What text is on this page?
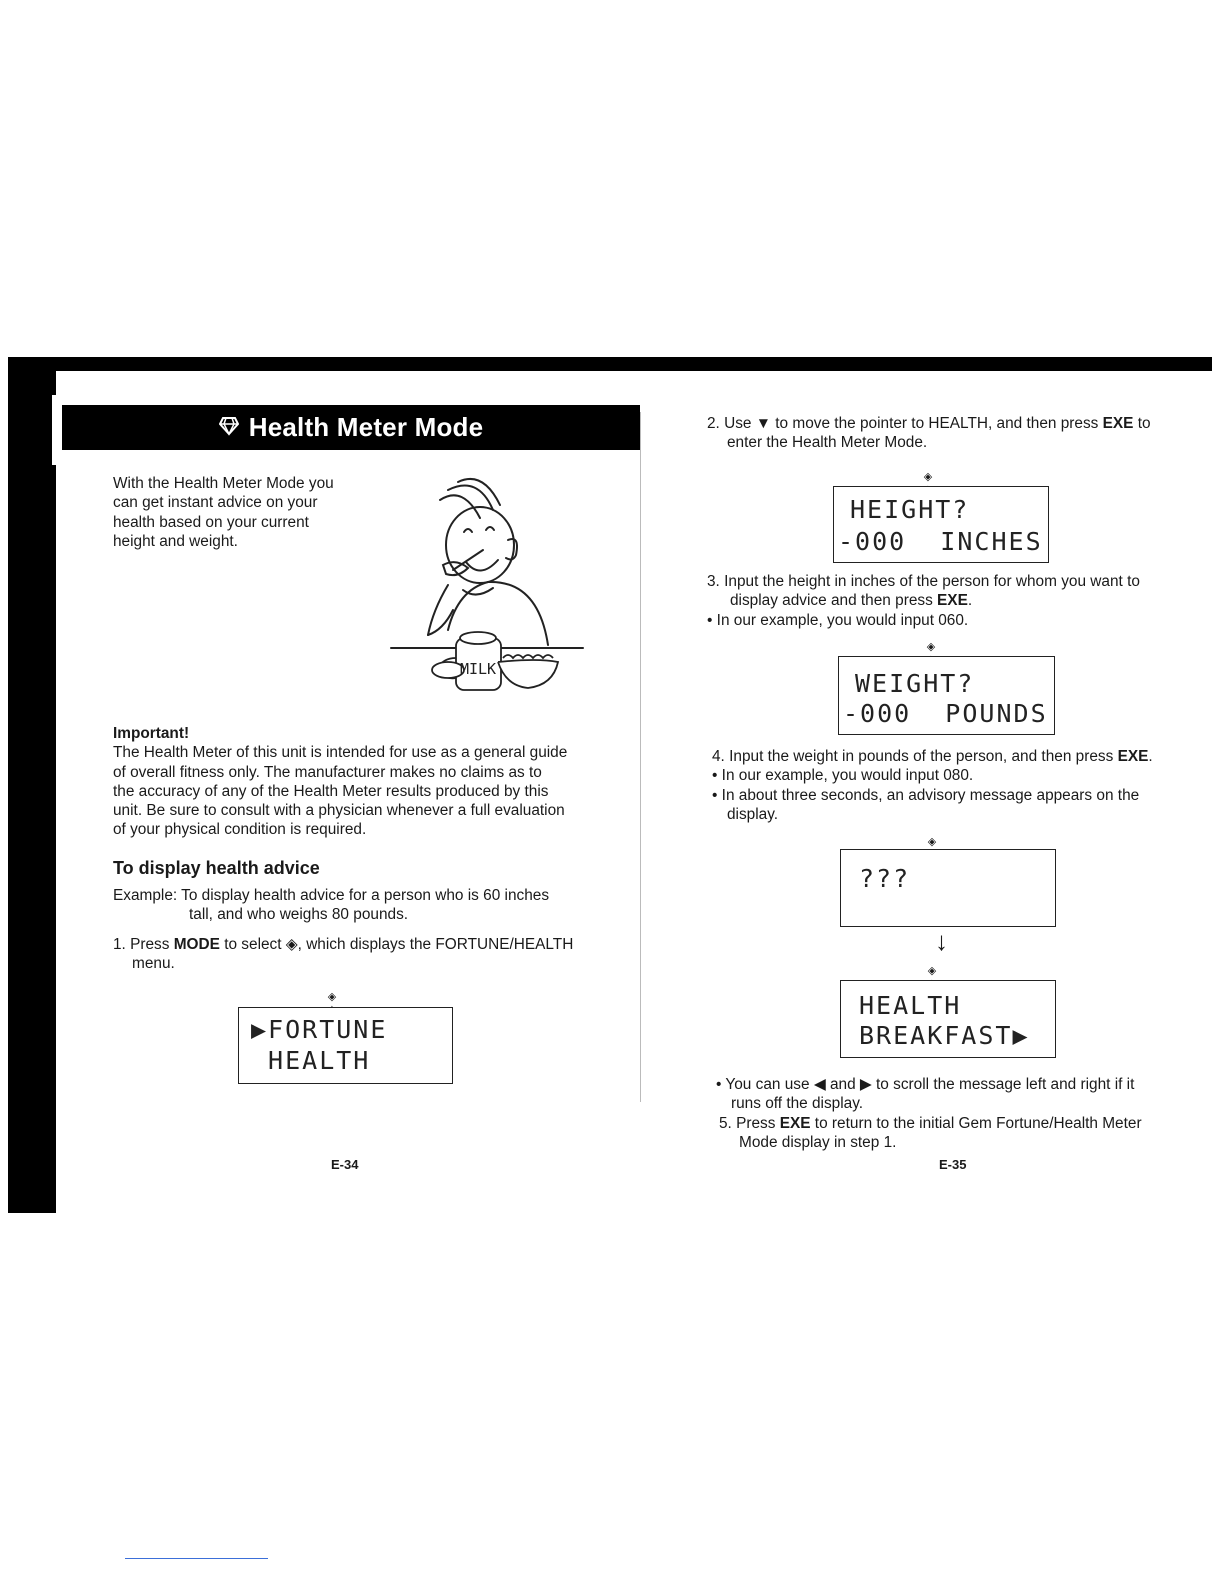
Health Meter Mode
With the Health Meter Mode you
can get instant advice on your
health based on your current
height and weight.
MILK
Important!
The Health Meter of this unit is intended for use as a general guide
of overall fitness only. The manufacturer makes no claims as to
the accuracy of any of the Health Meter results produced by this
unit. Be sure to consult with a physician whenever a full evaluation
of your physical condition is required.
To display health advice
Example: To display health advice for a person who is 60 inches
tall, and who weighs 80 pounds.
1. Press MODE to select ◈, which displays the FORTUNE/HEALTH
menu.
◈

▶FORTUNE
HEALTH
E-34
2. Use ▼ to move the pointer to HEALTH, and then press EXE to
enter the Health Meter Mode.
◈

HEIGHT?
-000  INCHES
3. Input the height in inches of the person for whom you want to
display advice and then press EXE.
• In our example, you would input 060.
◈

WEIGHT?
-000  POUNDS
4. Input the weight in pounds of the person, and then press EXE.
• In our example, you would input 080.
• In about three seconds, an advisory message appears on the
display.
◈

???
↓
◈

HEALTH
BREAKFAST▶
• You can use ◀ and ▶ to scroll the message left and right if it
runs off the display.
5. Press EXE to return to the initial Gem Fortune/Health Meter
Mode display in step 1.
E-35
